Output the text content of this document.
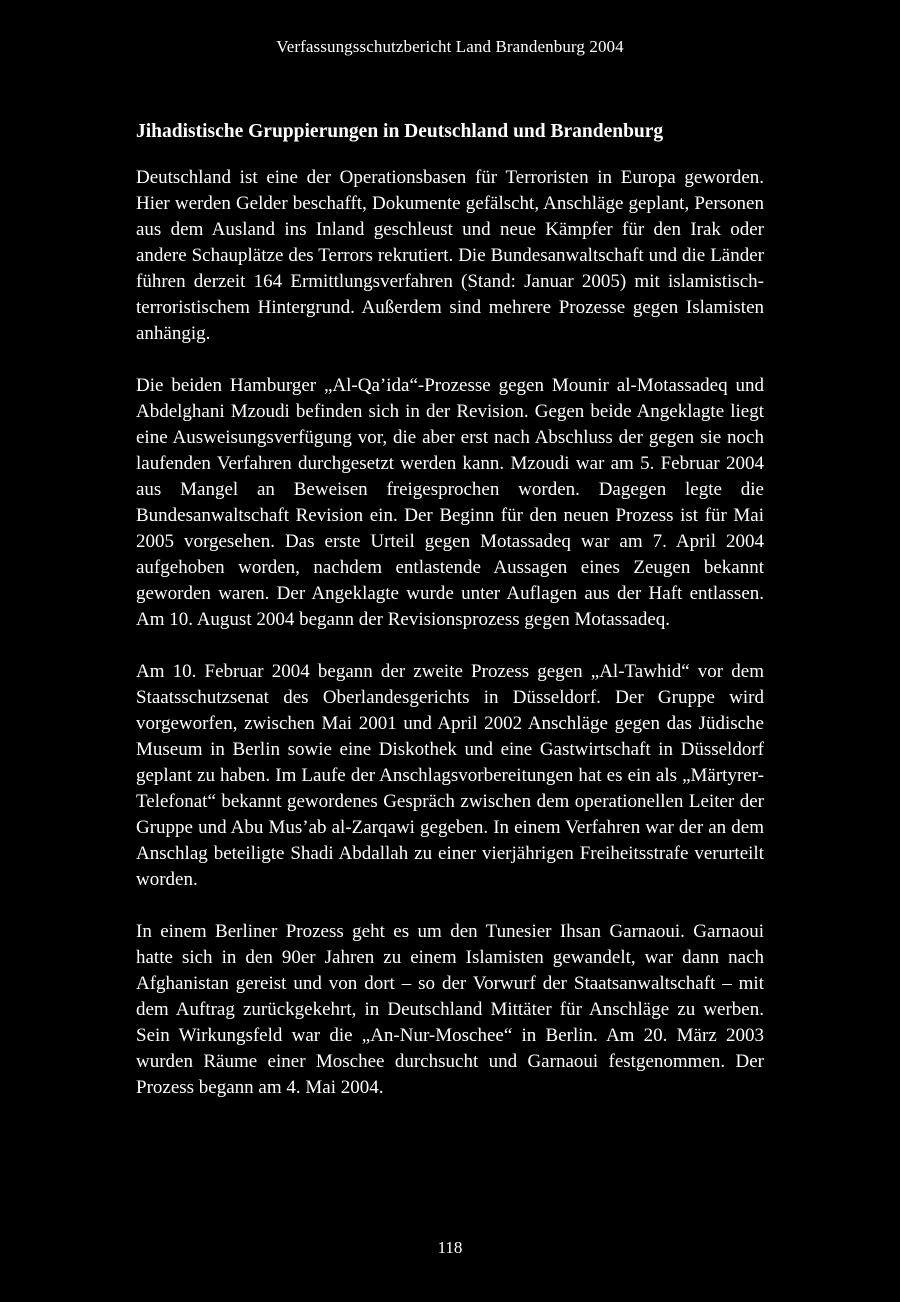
Verfassungsschutzbericht Land Brandenburg 2004
Jihadistische Gruppierungen in Deutschland und Brandenburg

Deutschland ist eine der Operationsbasen für Terroristen in Europa geworden. Hier werden Gelder beschafft, Dokumente gefälscht, Anschläge geplant, Personen aus dem Ausland ins Inland geschleust und neue Kämpfer für den Irak oder andere Schauplätze des Terrors rekrutiert. Die Bundesanwaltschaft und die Länder führen derzeit 164 Ermittlungsverfahren (Stand: Januar 2005) mit islamistisch-terroristischem Hintergrund. Außerdem sind mehrere Prozesse gegen Islamisten anhängig.

Die beiden Hamburger „Al-Qa’ida“-Prozesse gegen Mounir al-Motassadeq und Abdelghani Mzoudi befinden sich in der Revision. Gegen beide Angeklagte liegt eine Ausweisungsverfügung vor, die aber erst nach Abschluss der gegen sie noch laufenden Verfahren durchgesetzt werden kann. Mzoudi war am 5. Februar 2004 aus Mangel an Beweisen freigesprochen worden. Dagegen legte die Bundesanwaltschaft Revision ein. Der Beginn für den neuen Prozess ist für Mai 2005 vorgesehen. Das erste Urteil gegen Motassadeq war am 7. April 2004 aufgehoben worden, nachdem entlastende Aussagen eines Zeugen bekannt geworden waren. Der Angeklagte wurde unter Auflagen aus der Haft entlassen. Am 10. August 2004 begann der Revisionsprozess gegen Motassadeq.

Am 10. Februar 2004 begann der zweite Prozess gegen „Al-Tawhid“ vor dem Staatsschutzsenat des Oberlandesgerichts in Düsseldorf. Der Gruppe wird vorgeworfen, zwischen Mai 2001 und April 2002 Anschläge gegen das Jüdische Museum in Berlin sowie eine Diskothek und eine Gastwirtschaft in Düsseldorf geplant zu haben. Im Laufe der Anschlagsvorbereitungen hat es ein als „Märtyrer-Telefonat“ bekannt gewordenes Gespräch zwischen dem operationellen Leiter der Gruppe und Abu Mus’ab al-Zarqawi gegeben. In einem Verfahren war der an dem Anschlag beteiligte Shadi Abdallah zu einer vierjährigen Freiheitsstrafe verurteilt worden.

In einem Berliner Prozess geht es um den Tunesier Ihsan Garnaoui. Garnaoui hatte sich in den 90er Jahren zu einem Islamisten gewandelt, war dann nach Afghanistan gereist und von dort – so der Vorwurf der Staatsanwaltschaft – mit dem Auftrag zurückgekehrt, in Deutschland Mittäter für Anschläge zu werben. Sein Wirkungsfeld war die „An-Nur-Moschee“ in Berlin. Am 20. März 2003 wurden Räume einer Moschee durchsucht und Garnaoui festgenommen. Der Prozess begann am 4. Mai 2004.

118
